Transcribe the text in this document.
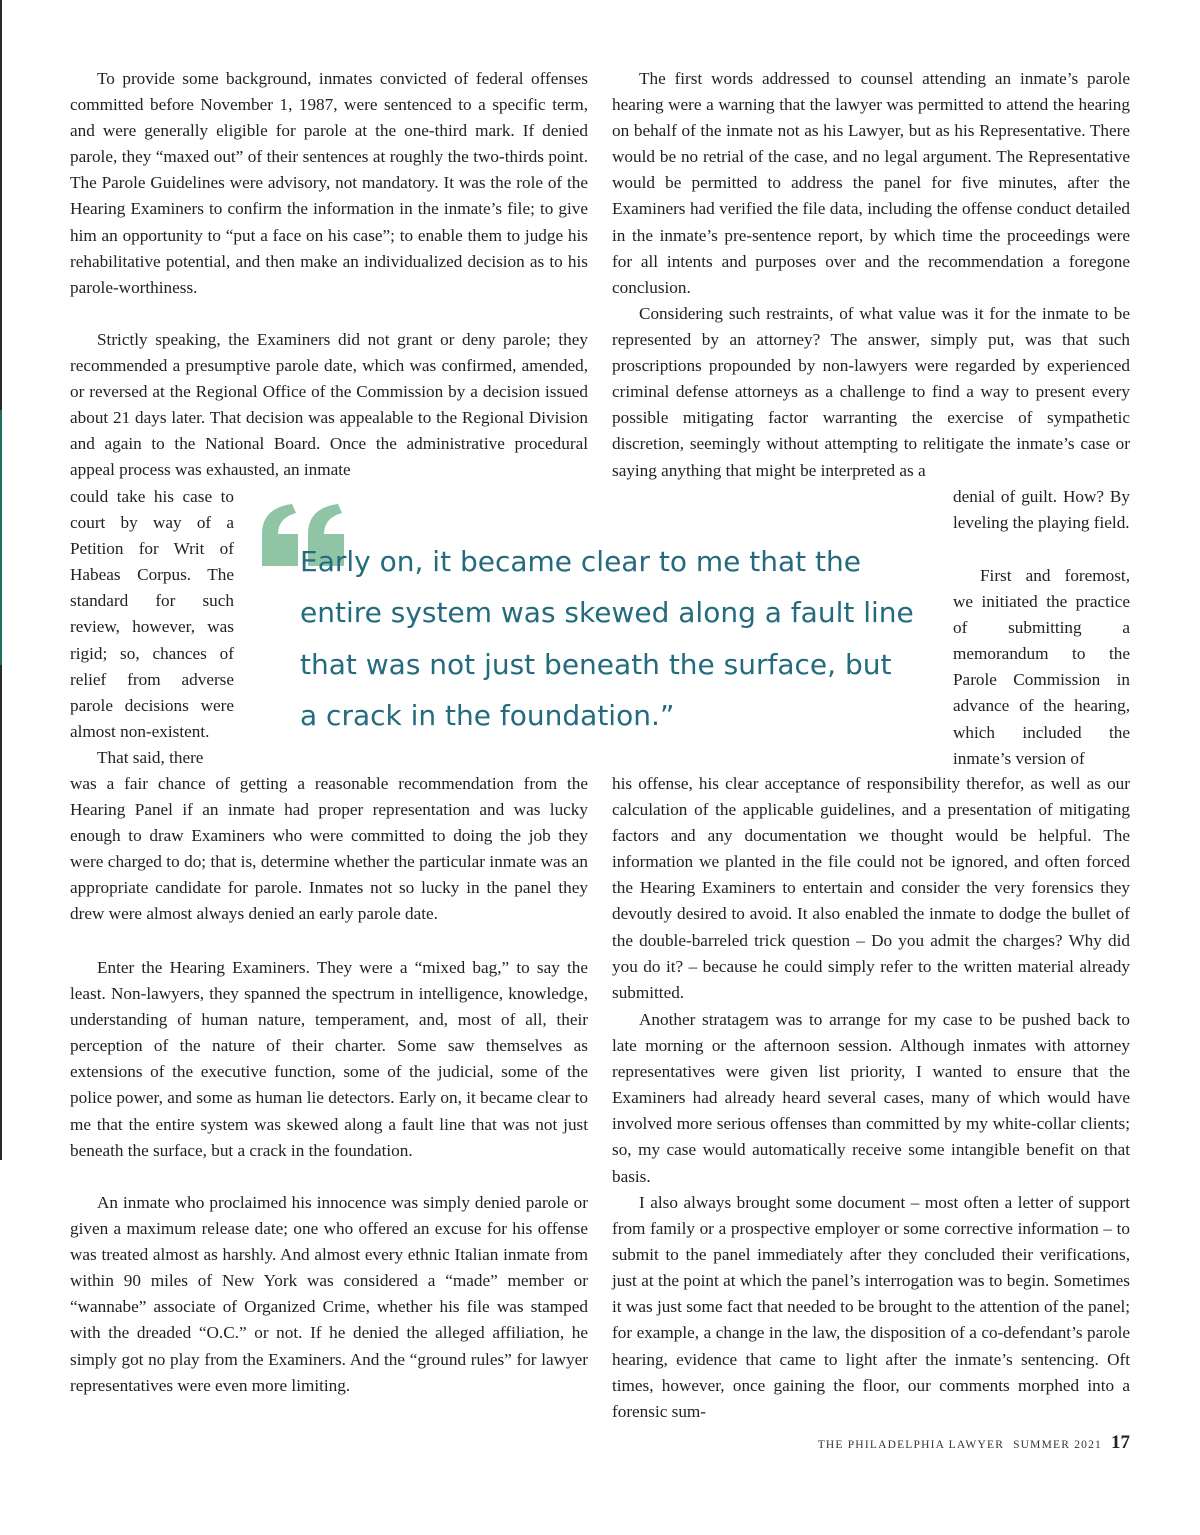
To provide some background, inmates convicted of federal offenses committed before November 1, 1987, were sentenced to a specific term, and were generally eligible for parole at the one-third mark. If denied parole, they “maxed out” of their sentences at roughly the two-thirds point. The Parole Guidelines were advisory, not mandatory. It was the role of the Hearing Examiners to confirm the information in the inmate’s file; to give him an opportunity to “put a face on his case”; to enable them to judge his rehabilitative potential, and then make an individualized decision as to his parole-worthiness.

Strictly speaking, the Examiners did not grant or deny parole; they recommended a presumptive parole date, which was confirmed, amended, or reversed at the Regional Office of the Commission by a decision issued about 21 days later. That decision was appealable to the Regional Division and again to the National Board. Once the administrative procedural appeal process was exhausted, an inmate

could take his case to court by way of a Petition for Writ of Habeas Corpus. The standard for such review, however, was rigid; so, chances of relief from adverse parole decisions were almost non-existent.

That said, there

was a fair chance of getting a reasonable recommendation from the Hearing Panel if an inmate had proper representation and was lucky enough to draw Examiners who were committed to doing the job they were charged to do; that is, determine whether the particular inmate was an appropriate candidate for parole. Inmates not so lucky in the panel they drew were almost always denied an early parole date.

Enter the Hearing Examiners. They were a “mixed bag,” to say the least. Non-lawyers, they spanned the spectrum in intelligence, knowledge, understanding of human nature, temperament, and, most of all, their perception of the nature of their charter. Some saw themselves as extensions of the executive function, some of the judicial, some of the police power, and some as human lie detectors. Early on, it became clear to me that the entire system was skewed along a fault line that was not just beneath the surface, but a crack in the foundation.

An inmate who proclaimed his innocence was simply denied parole or given a maximum release date; one who offered an excuse for his offense was treated almost as harshly. And almost every ethnic Italian inmate from within 90 miles of New York was considered a “made” member or “wannabe” associate of Organized Crime, whether his file was stamped with the dreaded “O.C.” or not. If he denied the alleged affiliation, he simply got no play from the Examiners. And the “ground rules” for lawyer representatives were even more limiting.

The first words addressed to counsel attending an inmate’s parole hearing were a warning that the lawyer was permitted to attend the hearing on behalf of the inmate not as his Lawyer, but as his Representative. There would be no retrial of the case, and no legal argument. The Representative would be permitted to address the panel for five minutes, after the Examiners had verified the file data, including the offense conduct detailed in the inmate’s pre-sentence report, by which time the proceedings were for all intents and purposes over and the recommendation a foregone conclusion.

Considering such restraints, of what value was it for the inmate to be represented by an attorney? The answer, simply put, was that such proscriptions propounded by non-lawyers were regarded by experienced criminal defense attorneys as a challenge to find a way to present every possible mitigating factor warranting the exercise of sympathetic discretion, seemingly without attempting to relitigate the inmate’s case or saying anything that might be interpreted as a

denial of guilt. How? By leveling the playing field.

First and foremost, we initiated the practice of submitting a memorandum to the Parole Commission in advance of the hearing, which included the inmate’s version of

his offense, his clear acceptance of responsibility therefor, as well as our calculation of the applicable guidelines, and a presentation of mitigating factors and any documentation we thought would be helpful. The information we planted in the file could not be ignored, and often forced the Hearing Examiners to entertain and consider the very forensics they devoutly desired to avoid. It also enabled the inmate to dodge the bullet of the double-barreled trick question – Do you admit the charges? Why did you do it? – because he could simply refer to the written material already submitted.

Another stratagem was to arrange for my case to be pushed back to late morning or the afternoon session. Although inmates with attorney representatives were given list priority, I wanted to ensure that the Examiners had already heard several cases, many of which would have involved more serious offenses than committed by my white-collar clients; so, my case would automatically receive some intangible benefit on that basis.

I also always brought some document – most often a letter of support from family or a prospective employer or some corrective information – to submit to the panel immediately after they concluded their verifications, just at the point at which the panel’s interrogation was to begin. Sometimes it was just some fact that needed to be brought to the attention of the panel; for example, a change in the law, the disposition of a co-defendant’s parole hearing, evidence that came to light after the inmate’s sentencing. Oft times, however, once gaining the floor, our comments morphed into a forensic sum-

Early on, it became clear to me that the
entire system was skewed along a fault line
that was not just beneath the surface, but
a crack in the foundation.”
THE PHILADELPHIA LAWYER SUMMER 2021 17
